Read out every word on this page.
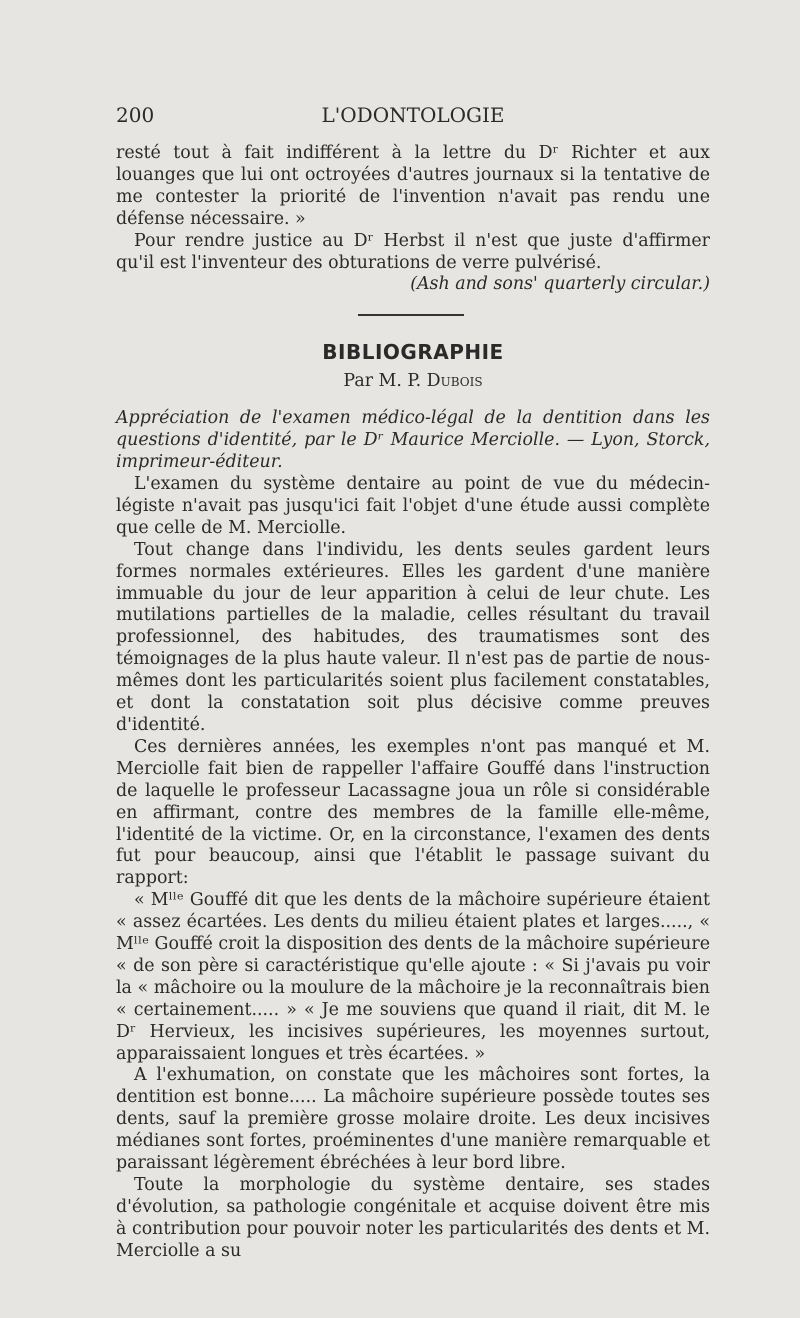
200	L'ODONTOLOGIE

resté tout à fait indifférent à la lettre du Dʳ Richter et aux louanges que lui ont octroyées d'autres journaux si la tentative de me contester la priorité de l'invention n'avait pas rendu une défense nécessaire. »

Pour rendre justice au Dʳ Herbst il n'est que juste d'affirmer qu'il est l'inventeur des obturations de verre pulvérisé.

(Ash and sons' quarterly circular.)

BIBLIOGRAPHIE
Par M. P. Dubois
Appréciation de l'examen médico-légal de la dentition dans les questions d'identité, par le Dʳ Maurice Merciolle. — Lyon, Storck, imprimeur-éditeur.

L'examen du système dentaire au point de vue du médecin-légiste n'avait pas jusqu'ici fait l'objet d'une étude aussi complète que celle de M. Merciolle.

Tout change dans l'individu, les dents seules gardent leurs formes normales extérieures. Elles les gardent d'une manière immuable du jour de leur apparition à celui de leur chute. Les mutilations partielles de la maladie, celles résultant du travail professionnel, des habitudes, des traumatismes sont des témoignages de la plus haute valeur. Il n'est pas de partie de nous-mêmes dont les particularités soient plus facilement constatables, et dont la constatation soit plus décisive comme preuves d'identité.

Ces dernières années, les exemples n'ont pas manqué et M. Merciolle fait bien de rappeller l'affaire Gouffé dans l'instruction de laquelle le professeur Lacassagne joua un rôle si considérable en affirmant, contre des membres de la famille elle-même, l'identité de la victime. Or, en la circonstance, l'examen des dents fut pour beaucoup, ainsi que l'établit le passage suivant du rapport:

« Mˡˡᵉ Gouffé dit que les dents de la mâchoire supérieure étaient « assez écartées. Les dents du milieu étaient plates et larges....., « Mˡˡᵉ Gouffé croit la disposition des dents de la mâchoire supérieure « de son père si caractéristique qu'elle ajoute : « Si j'avais pu voir la « mâchoire ou la moulure de la mâchoire je la reconnaîtrais bien « certainement..... » « Je me souviens que quand il riait, dit M. le Dʳ Hervieux, les incisives supérieures, les moyennes surtout, apparaissaient longues et très écartées. »

A l'exhumation, on constate que les mâchoires sont fortes, la dentition est bonne..... La mâchoire supérieure possède toutes ses dents, sauf la première grosse molaire droite. Les deux incisives médianes sont fortes, proéminentes d'une manière remarquable et paraissant légèrement ébréchées à leur bord libre.

Toute la morphologie du système dentaire, ses stades d'évolution, sa pathologie congénitale et acquise doivent être mis à contribution pour pouvoir noter les particularités des dents et M. Merciolle a su
